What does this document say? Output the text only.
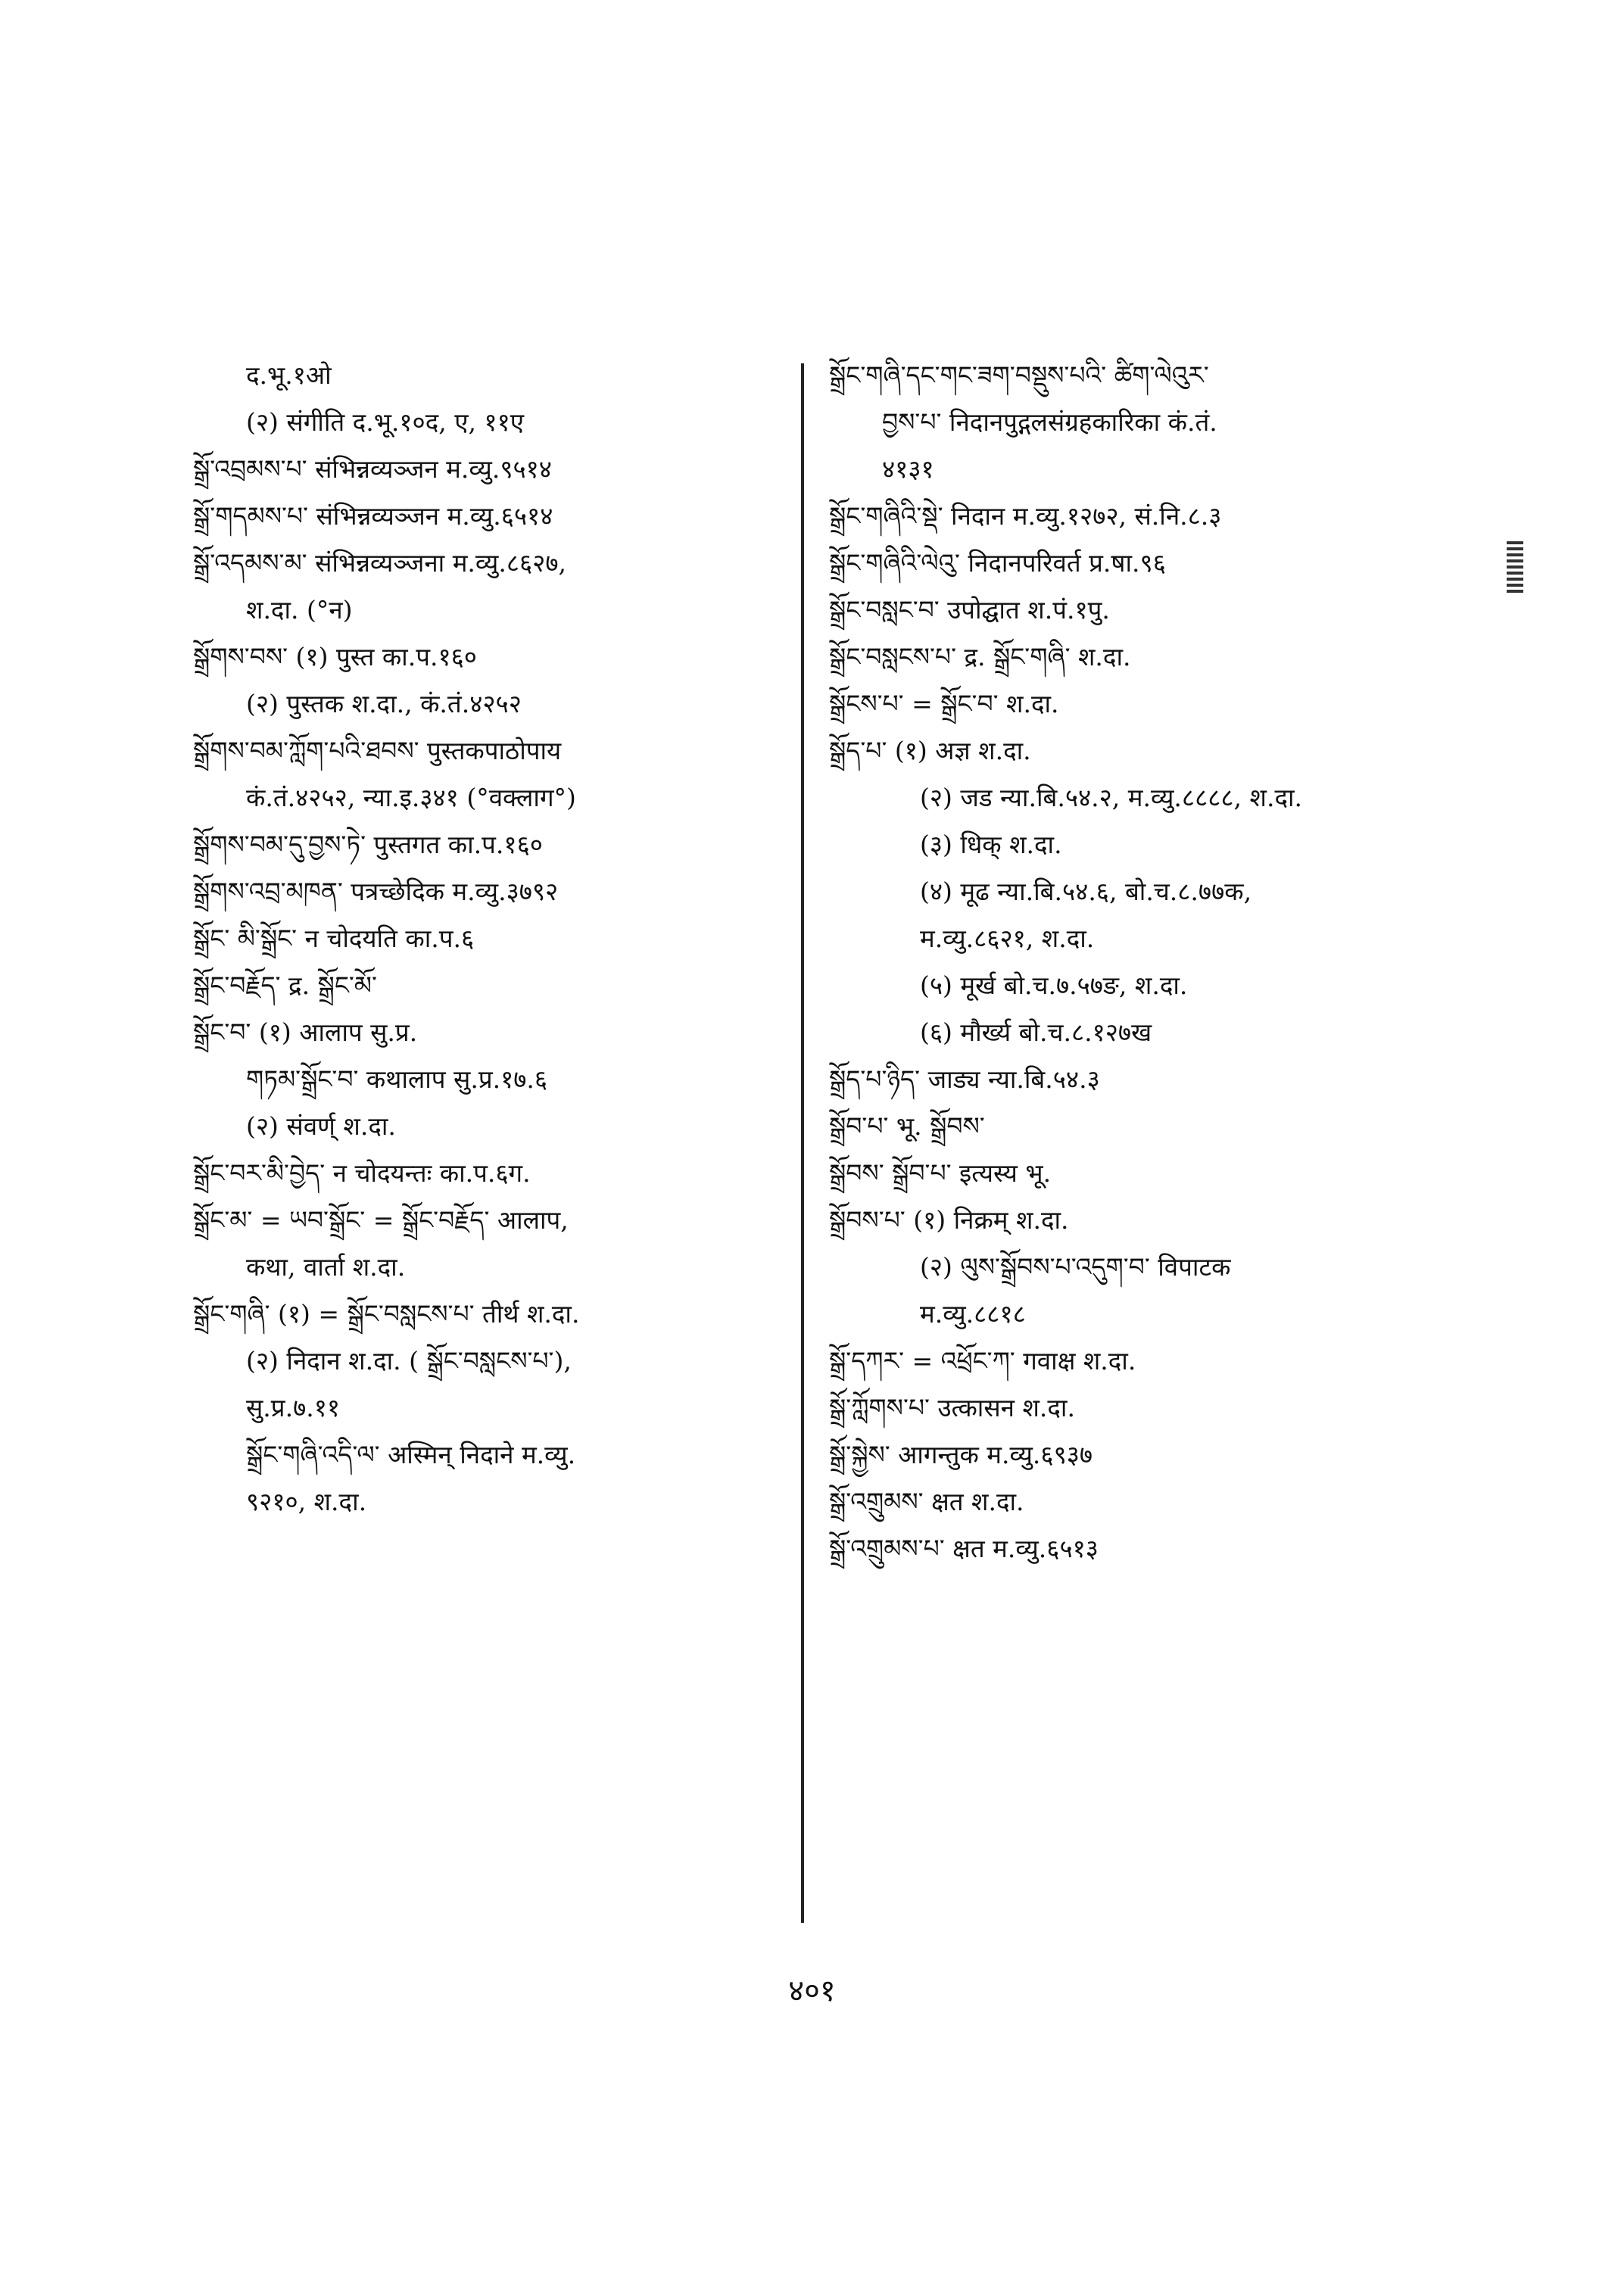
द.भू.१ओ
(२) संगीति द.भू.१०द, ए, ११ए
སྒྲོ་འབྲམས་པ་ संभिन्नव्यञ्जन म.व्यु.९५१४
སྒྲོ་གདམས་པ་ संभिन्नव्यञ्जन म.व्यु.६५१४
སྒྲོ་འདམས་མ་ संभिन्नव्यञ्जना म.व्यु.८६२७,
श.दा. (°न)
སྒྲོགས་བས་ (१) पुस्त का.प.१६०
(२) पुस्तक श.दा., कं.तं.४२५२
སྒྲོགས་བམ་ཀློག་པའི་ཐབས་ पुस्तकपाठोपाय
कं.तं.४२५२, न्या.इ.३४१ (°वक्लाग°)
སྒྲོགས་བམ་དུ་བྱས་ཏེ་ पुस्तगत का.प.१६०
སྒྲོགས་འབྲ་མཁན་ पत्रच्छेदिक म.व्यु.३७९२
སྒྲོང་ མི་སྒྲོང་ न चोदयति का.प.६
སྒྲོང་བརྗོད་ द्र. སྒྲོང་མོ་
སྒྲོང་བ་ (१) आलाप सु.प्र.
གཏམ་སྒྲོང་བ་ कथालाप सु.प्र.१७.६
(२) संवर्ण् श.दा.
སྒྲོང་བར་མི་བྱེད་ न चोदयन्तः का.प.६ग.
སྒྲོང་མ་ = ཡབ་སྒྲོང་ = སྒྲོང་བརྗོད་ आलाप,
कथा, वार्ता श.दा.
སྒྲོང་གཞི་ (१) = སྒྲོང་བསླངས་པ་ तीर्थ श.दा.
(२) निदान श.दा. ( སྒྲོང་བསླངས་པ་),
सु.प्र.७.११
སྒྲོང་གཞི་འདི་ལ་ अस्मिन् निदाने म.व्यु.
९२१०, श.दा.
སྒྲོང་གཞི་དང་གང་ཟག་བསྡུས་པའི་ ཚིག་ལེའུར་
བྱས་པ་ निदानपुद्गलसंग्रहकारिका कं.तं.
४१३१
སྒྲོང་གཞིའི་སྡེ་ निदान म.व्यु.१२७२, सं.नि.८.३
སྒྲོང་གཞིའི་ལེའུ་ निदानपरिवर्त प्र.षा.९६
སྒྲོང་བསླང་བ་ उपोद्घात श.पं.१पु.
སྒྲོང་བསླངས་པ་ द्र. སྒྲོང་གཞི་ श.दा.
སྒྲོངས་པ་ = སྒྲོང་བ་ श.दा.
སྒྲོད་པ་ (१) अज्ञ श.दा.
(२) जड न्या.बि.५४.२, म.व्यु.८८८८, श.दा.
(३) धिक् श.दा.
(४) मूढ न्या.बि.५४.६, बो.च.८.७७क,
म.व्यु.८६२१, श.दा.
(५) मूर्ख बो.च.७.५७ङ, श.दा.
(६) मौर्ख्य बो.च.८.१२७ख
སྒྲོད་པ་ཉིད་ जाड्य न्या.बि.५४.३
སྒྲོབ་པ་ भू. སྒྲོབས་
སྒྲོབས་ སྒྲོབ་པ་ इत्यस्य भू.
སྒྲོབས་པ་ (१) निक्रम् श.दा.
(२) ལུས་སྒྲོབས་པ་འདུག་བ་ विपाटक
म.व्यु.८८१८
སྒྲོ་དཀར་ = འཕྲོང་ཀ་ गवाक्ष श.दा.
སྒྲོ་ཀློགས་པ་ उत्कासन श.दा.
སྒྲོ་སྐྱེས་ आगन्तुक म.व्यु.६९३७
སྒྲོ་འགྲུམས་ क्षत श.दा.
སྒྲོ་འགྲུམས་པ་ क्षत म.व्यु.६५१३
४०१
